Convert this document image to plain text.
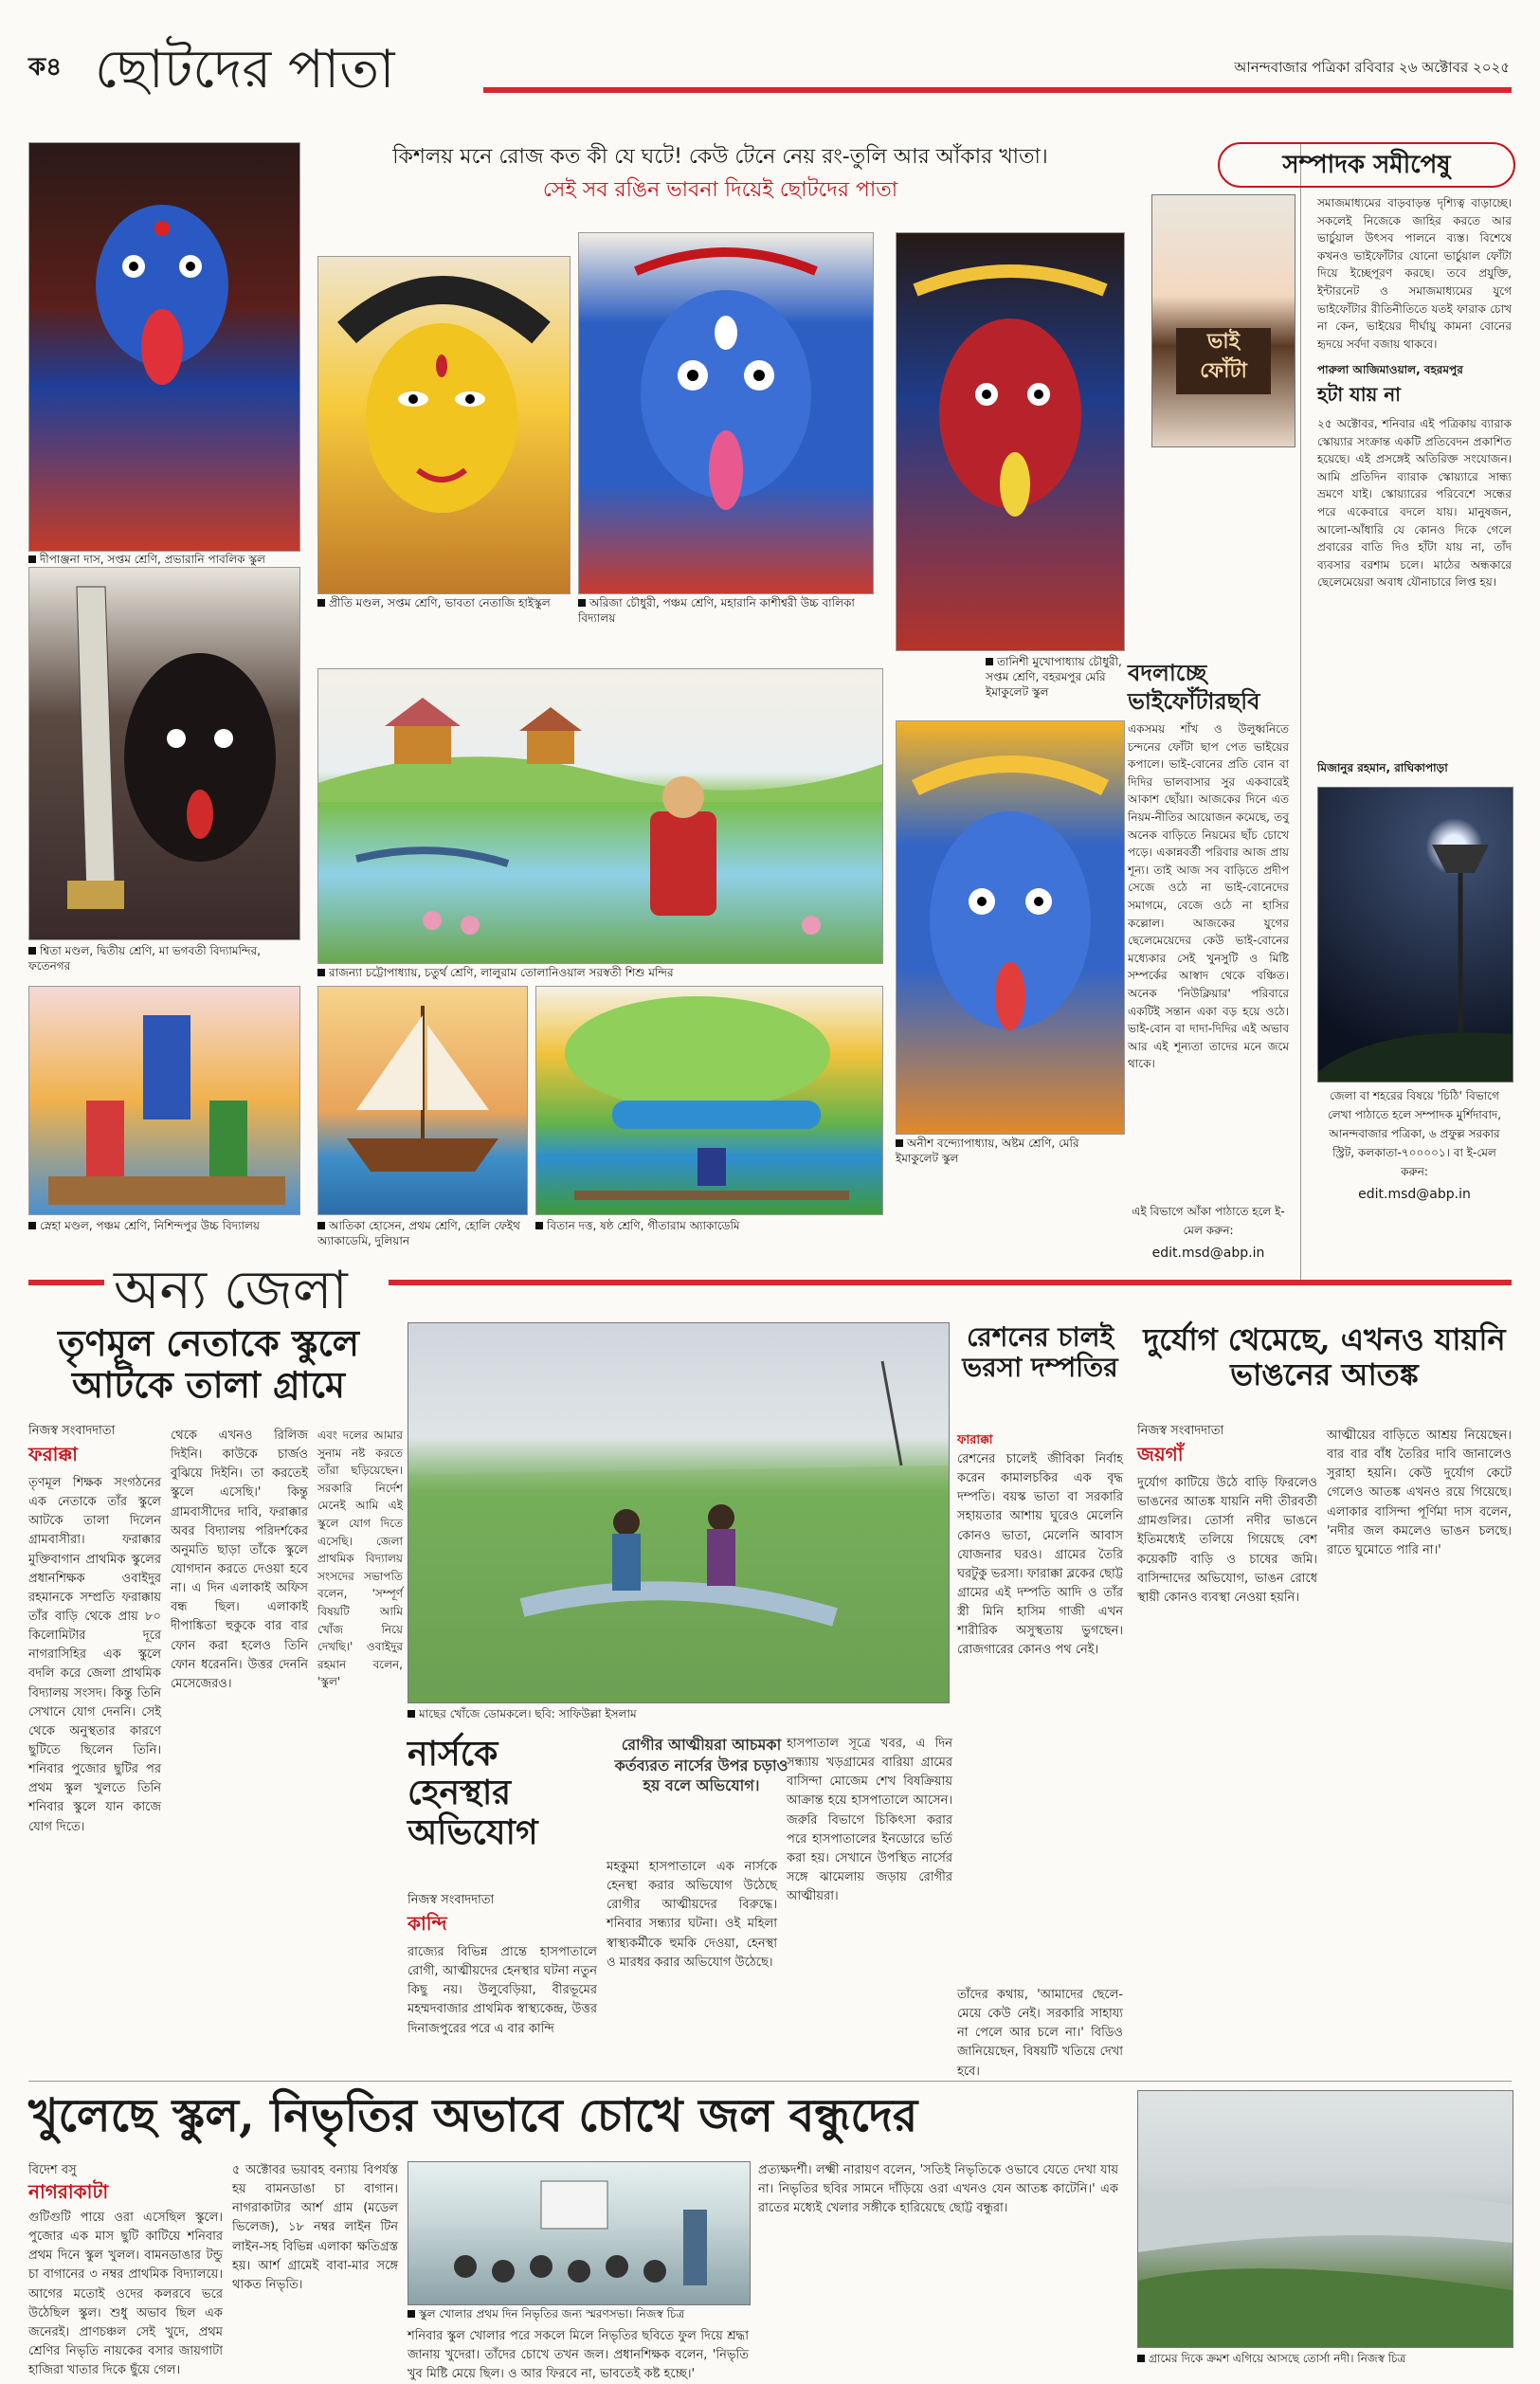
ক৪ ছোটদের পাতা	আনন্দবাজার পত্রিকা রবিবার ২৬ অক্টোবর ২০২৫
কিশলয় মনে রোজ কত কী যে ঘটে! কেউ টেনে নেয় রং-তুলি আর আঁকার খাতা।
সেই সব রঙিন ভাবনা দিয়েই ছোটদের পাতা
দীপাঞ্জনা দাস, সপ্তম শ্রেণি, প্রভারানি পাবলিক স্কুল
প্রীতি মণ্ডল, সপ্তম শ্রেণি, ভাবতা নেতাজি হাইস্কুল	অরিজা চৌধুরী, পঞ্চম শ্রেণি, মহারানি কাশীশ্বরী উচ্চ বালিকা বিদ্যালয়
তানিশী মুখোপাধ্যায় চৌধুরী, সপ্তম শ্রেণি, বহরমপুর মেরি ইমাকুলেট স্কুল
শ্বিতা মণ্ডল, দ্বিতীয় শ্রেণি, মা ভগবতী বিদ্যামন্দির, ফতেনগর	রাজন্যা চট্টোপাধ্যায়, চতুর্থ শ্রেণি, লালুরাম তোলানিওয়াল সরস্বতী শিশু মন্দির
অনীশ বন্দ্যোপাধ্যায়, অষ্টম শ্রেণি, মেরি ইমাকুলেট স্কুল
স্নেহা মণ্ডল, পঞ্চম শ্রেণি, নিশিন্দপুর উচ্চ বিদ্যালয়	আতিকা হোসেন, প্রথম শ্রেণি, হোলি ফেইথ অ্যাকাডেমি, দুলিয়ান
বিতান দত্ত, ষষ্ঠ শ্রেণি, গীতারাম অ্যাকাডেমি
বদলাচ্ছে
ভাইফোঁটারছবি
একসময় শাঁখ ও উলুধ্বনিতে চন্দনের ফোঁটা ছাপ পেত ভাইয়ের কপালে। ভাই-বোনের প্রতি বোন বা দিদির ভালবাসার সুর একবারেই আকাশ ছোঁয়া। আজকের দিনে এত নিয়ম-নীতির আয়োজন কমেছে, তবু অনেক বাড়িতে নিয়মের ছাঁচ চোখে পড়ে। একান্নবর্তী পরিবার আজ প্রায় শূন্য। তাই আজ সব বাড়িতে প্রদীপ সেজে ওঠে না ভাই-বোনেদের সমাগমে, বেজে ওঠে না হাসির কল্লোল। আজকের যুগের ছেলেমেয়েদের কেউ ভাই-বোনের মধ্যেকার সেই খুনসুটি ও মিষ্টি সম্পর্কের আস্বাদ থেকে বঞ্চিত। অনেক 'নিউক্লিয়ার' পরিবারে একটিই সন্তান একা বড় হয়ে ওঠে। ভাই-বোন বা দাদা-দিদির এই অভাব আর এই শূন্যতা তাদের মনে জমে থাকে।
এই বিভাগে আঁকা পাঠাতে হলে ই-মেল করুন:
edit.msd@abp.in
সম্পাদক সমীপেষু
ভাই
ফোঁটা
সমাজমাধ্যমের বাড়বাড়ন্ত দৃশ্যিত্ব বাড়াচ্ছে। সকলেই নিজেকে জাহির করতে আর ভার্চুয়াল উৎসব পালনে ব্যস্ত। বিশেষে কখনও ভাইফোঁটার যোনো ভার্চুয়াল ফোঁটা দিয়ে ইচ্ছেপূরণ করছে। তবে প্রযুক্তি, ইন্টারনেট ও সমাজমাধ্যমের যুগে ভাইফোঁটার রীতিনীতিতে যতই ফারাক চোখ না কেন, ভাইয়ের দীর্ঘায়ু কামনা বোনের হৃদয়ে সর্বদা বজায় থাকবে।
পারুলা আজিমাওয়াল, বহরমপুর
হটা যায় না
২৫ অক্টোবর, শনিবার এই পত্রিকায় ব্যারাক স্কোয়্যার সংক্রান্ত একটি প্রতিবেদন প্রকাশিত হয়েছে। এই প্রসঙ্গেই অতিরিক্ত সংযোজন। আমি প্রতিদিন ব্যারাক স্কোয়্যারে সান্ধ্য ভ্রমণে যাই। স্কোয়্যারের পরিবেশে সন্ধের পরে একেবারে বদলে যায়। মানুষজন, আলো-আঁধারি যে কোনও দিকে গেলে প্রবারের বাতি দিও হাঁটা যায় না, তাঁদ ব্যবসার বরশাম চলে। মাঠের অন্ধকারে ছেলেমেয়েরা অবাধ যৌনাচারে লিপ্ত হয়।
মিজানুর রহমান, রাঘিকাপাড়া
জেলা বা শহরের বিষয়ে 'চিঠি' বিভাগে লেখা পাঠাতে হলে সম্পাদক মুর্শিদাবাদ, আনন্দবাজার পত্রিকা, ৬ প্রফুল্ল সরকার স্ট্রিট, কলকাতা-৭০০০০১। বা ই-মেল করুন:
edit.msd@abp.in
অন্য জেলা
তৃণমূল নেতাকে স্কুলে আটকে তালা গ্রামে
নিজস্ব সংবাদদাতা
ফরাক্কা
তৃণমূল শিক্ষক সংগঠনের এক নেতাকে তাঁর স্কুলে আটকে তালা দিলেন গ্রামবাসীরা। ফরাক্কার মুক্তিবাগান প্রাথমিক স্কুলের প্রধানশিক্ষক ওবাইদুর রহমানকে সম্প্রতি ফরাক্কায় তাঁর বাড়ি থেকে প্রায় ৮০ কিলোমিটার দূরে নাগরাসিহির এক স্কুলে বদলি করে জেলা প্রাথমিক বিদ্যালয় সংসদ। কিন্তু তিনি সেখানে যোগ দেননি। সেই থেকে অনুস্থতার কারণে ছুটিতে ছিলেন তিনি। শনিবার পুজোর ছুটির পর প্রথম স্কুল খুলতে তিনি শনিবার স্কুলে যান কাজে যোগ দিতে।
থেকে এখনও রিলিজ দিইনি। কাউকে চার্জও বুঝিয়ে দিইনি। তা করতেই স্কুলে এসেছি।' কিন্তু গ্রামবাসীদের দাবি, ফরাক্কার অবর বিদ্যালয় পরিদর্শকের অনুমতি ছাড়া তাঁকে স্কুলে যোগদান করতে দেওয়া হবে না। এ দিন এলাকাই অফিস বন্ধ ছিল। এলাকাই দীপাঙ্কিতা হুকুকে বার বার ফোন করা হলেও তিনি ফোন ধরেননি। উত্তর দেননি মেসেজেরও।
এবং দলের আমার সুনাম নষ্ট করতে তাঁরা ছড়িয়েছেন। সরকারি নির্দেশ মেনেই আমি এই স্কুলে যোগ দিতে এসেছি। জেলা প্রাথমিক বিদ্যালয় সংসদের সভাপতি বলেন, 'সম্পূর্ণ বিষয়টি আমি খোঁজ নিয়ে দেখছি।' ওবাইদুর রহমান বলেন, 'স্কুল'
মাছের খোঁজে ডোমকলে। ছবি: সাফিউল্লা ইসলাম
নার্সকে হেনস্থার অভিযোগ
নিজস্ব সংবাদদাতা
কান্দি
রোগীর আত্মীয়রা আচমকা কর্তব্যরত নার্সের উপর চড়াও হয় বলে অভিযোগ।
রাজ্যের বিভিন্ন প্রান্তে হাসপাতালে রোগী, আত্মীয়দের হেনস্থার ঘটনা নতুন কিছু নয়। উলুবেড়িয়া, বীরভূমের মহম্মদবাজার প্রাথমিক স্বাস্থ্যকেন্দ্র, উত্তর দিনাজপুরের পরে এ বার কান্দি
মহকুমা হাসপাতালে এক নার্সকে হেনস্থা করার অভিযোগ উঠেছে রোগীর আত্মীয়দের বিরুদ্ধে। শনিবার সন্ধ্যার ঘটনা। ওই মহিলা স্বাস্থ্যকর্মীকে হুমকি দেওয়া, হেনস্থা ও মারধর করার অভিযোগ উঠেছে।
হাসপাতাল সূত্রে খবর, এ দিন সন্ধ্যায় খড়গ্রামের বারিয়া গ্রামের বাসিন্দা মোজেম শেখ বিষক্রিয়ায় আক্রান্ত হয়ে হাসপাতালে আসেন। জরুরি বিভাগে চিকিৎসা করার পরে হাসপাতালের ইনডোরে ভর্তি করা হয়। সেখানে উপস্থিত নার্সের সঙ্গে ঝামেলায় জড়ায় রোগীর আত্মীয়রা।
রেশনের চালই ভরসা দম্পতির
ফারাক্কা
রেশনের চালেই জীবিকা নির্বাহ করেন কামালচকির এক বৃদ্ধ দম্পতি। বয়স্ক ভাতা বা সরকারি সহায়তার আশায় ঘুরেও মেলেনি কোনও ভাতা, মেলেনি আবাস যোজনার ঘরও। গ্রামের তৈরি ঘরটুকু ভরসা। ফারাক্কা ব্লকের ছোট্ট গ্রামের এই দম্পতি আদি ও তাঁর স্ত্রী মিনি হাসিম গাজী এখন শারীরিক অসুস্থতায় ভুগছেন। রোজগারের কোনও পথ নেই।
তাঁদের কথায়, 'আমাদের ছেলে-মেয়ে কেউ নেই। সরকারি সাহায্য না পেলে আর চলে না।' বিডিও জানিয়েছেন, বিষয়টি খতিয়ে দেখা হবে।
দুর্যোগ থেমেছে, এখনও যায়নি ভাঙনের আতঙ্ক
নিজস্ব সংবাদদাতা
জয়গাঁ
দুর্যোগ কাটিয়ে উঠে বাড়ি ফিরলেও ভাঙনের আতঙ্ক যায়নি নদী তীরবর্তী গ্রামগুলির। তোর্সা নদীর ভাঙনে ইতিমধ্যেই তলিয়ে গিয়েছে বেশ কয়েকটি বাড়ি ও চাষের জমি। বাসিন্দাদের অভিযোগ, ভাঙন রোধে স্থায়ী কোনও ব্যবস্থা নেওয়া হয়নি।
আত্মীয়ের বাড়িতে আশ্রয় নিয়েছেন। বার বার বাঁধ তৈরির দাবি জানালেও সুরাহা হয়নি। কেউ দুর্যোগ কেটে গেলেও আতঙ্ক এখনও রয়ে গিয়েছে। এলাকার বাসিন্দা পূর্ণিমা দাস বলেন, 'নদীর জল কমলেও ভাঙন চলছে। রাতে ঘুমোতে পারি না।'
খুলেছে স্কুল, নিভৃতির অভাবে চোখে জল বন্ধুদের
বিদেশ বসু
নাগরাকাটা
গুটিগুটি পায়ে ওরা এসেছিল স্কুলে। পুজোর এক মাস ছুটি কাটিয়ে শনিবার প্রথম দিনে স্কুল খুলল। বামনডাঙার টন্ডু চা বাগানের ৩ নম্বর প্রাথমিক বিদ্যালয়ে। আগের মতোই ওদের কলরবে ভরে উঠেছিল স্কুল। শুধু অভাব ছিল এক জনেরই। প্রাণচঞ্চল সেই খুদে, প্রথম শ্রেণির নিভৃতি নায়কের বসার জায়গাটা হাজিরা খাতার দিকে ছুঁয়ে গেল।
৫ অক্টোবর ভয়াবহ বন্যায় বিপর্যস্ত হয় বামনডাঙা চা বাগান। নাগরাকাটার আর্শ গ্রাম (মডেল ভিলেজ), ১৮ নম্বর লাইন টিন লাইন-সহ বিভিন্ন এলাকা ক্ষতিগ্রস্ত হয়। আর্শ গ্রামেই বাবা-মার সঙ্গে থাকত নিভৃতি।
স্কুল খোলার প্রথম দিন নিভৃতির জন্য স্মরণসভা। নিজস্ব চিত্র
শনিবার স্কুল খোলার পরে সকলে মিলে নিভৃতির ছবিতে ফুল দিয়ে শ্রদ্ধা জানায় খুদেরা। তাঁদের চোখে তখন জল। প্রধানশিক্ষক বলেন, 'নিভৃতি খুব মিষ্টি মেয়ে ছিল। ও আর ফিরবে না, ভাবতেই কষ্ট হচ্ছে।'
প্রত্যক্ষদর্শী। লক্ষ্মী নারায়ণ বলেন, 'সতিই নিভৃতিকে ওভাবে যেতে দেখা যায় না। নিভৃতির ছবির সামনে দাঁড়িয়ে ওরা এখনও যেন আতঙ্ক কাটেনি।' এক রাতের মধ্যেই খেলার সঙ্গীকে হারিয়েছে ছোট্ট বন্ধুরা।
গ্রামের দিকে ক্রমশ এগিয়ে আসছে তোর্সা নদী। নিজস্ব চিত্র
